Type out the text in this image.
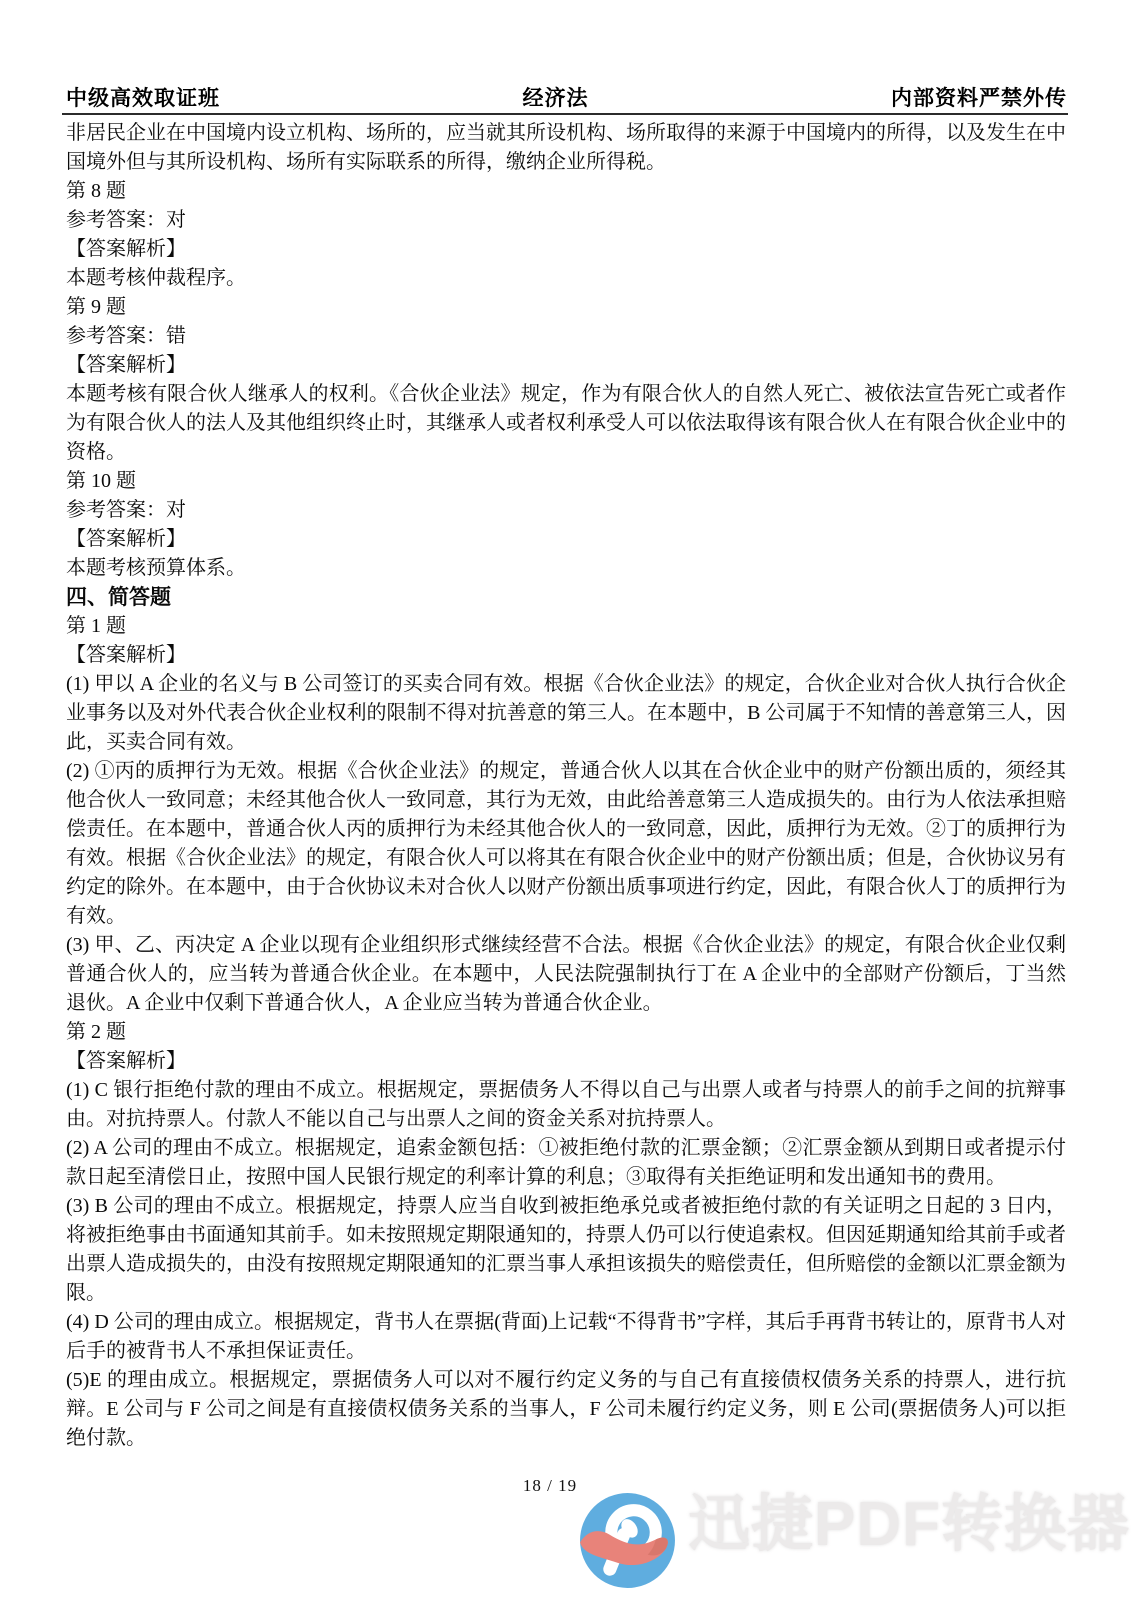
中级高效取证班	经济法	内部资料严禁外传

非居民企业在中国境内设立机构、场所的，应当就其所设机构、场所取得的来源于中国境内的所得，以及发生在中国境外但与其所设机构、场所有实际联系的所得，缴纳企业所得税。

第 8 题

参考答案：对

【答案解析】

本题考核仲裁程序。

第 9 题

参考答案：错

【答案解析】

本题考核有限合伙人继承人的权利。《合伙企业法》规定，作为有限合伙人的自然人死亡、被依法宣告死亡或者作为有限合伙人的法人及其他组织终止时，其继承人或者权利承受人可以依法取得该有限合伙人在有限合伙企业中的资格。

第 10 题

参考答案：对

【答案解析】

本题考核预算体系。

四、简答题

第 1 题

【答案解析】

(1) 甲以 A 企业的名义与 B 公司签订的买卖合同有效。根据《合伙企业法》的规定，合伙企业对合伙人执行合伙企业事务以及对外代表合伙企业权利的限制不得对抗善意的第三人。在本题中，B 公司属于不知情的善意第三人，因此，买卖合同有效。

(2) ①丙的质押行为无效。根据《合伙企业法》的规定，普通合伙人以其在合伙企业中的财产份额出质的，须经其他合伙人一致同意；未经其他合伙人一致同意，其行为无效，由此给善意第三人造成损失的。由行为人依法承担赔偿责任。在本题中，普通合伙人丙的质押行为未经其他合伙人的一致同意，因此，质押行为无效。②丁的质押行为有效。根据《合伙企业法》的规定，有限合伙人可以将其在有限合伙企业中的财产份额出质；但是，合伙协议另有约定的除外。在本题中，由于合伙协议未对合伙人以财产份额出质事项进行约定，因此，有限合伙人丁的质押行为有效。

(3) 甲、乙、丙决定 A 企业以现有企业组织形式继续经营不合法。根据《合伙企业法》的规定，有限合伙企业仅剩普通合伙人的，应当转为普通合伙企业。在本题中，人民法院强制执行丁在 A 企业中的全部财产份额后，丁当然退伙。A 企业中仅剩下普通合伙人，A 企业应当转为普通合伙企业。

第 2 题

【答案解析】

(1) C 银行拒绝付款的理由不成立。根据规定，票据债务人不得以自己与出票人或者与持票人的前手之间的抗辩事由。对抗持票人。付款人不能以自己与出票人之间的资金关系对抗持票人。

(2) A 公司的理由不成立。根据规定，追索金额包括：①被拒绝付款的汇票金额；②汇票金额从到期日或者提示付款日起至清偿日止，按照中国人民银行规定的利率计算的利息；③取得有关拒绝证明和发出通知书的费用。

(3) B 公司的理由不成立。根据规定，持票人应当自收到被拒绝承兑或者被拒绝付款的有关证明之日起的 3 日内，将被拒绝事由书面通知其前手。如未按照规定期限通知的，持票人仍可以行使追索权。但因延期通知给其前手或者出票人造成损失的，由没有按照规定期限通知的汇票当事人承担该损失的赔偿责任，但所赔偿的金额以汇票金额为限。

(4) D 公司的理由成立。根据规定，背书人在票据(背面)上记载“不得背书”字样，其后手再背书转让的，原背书人对后手的被背书人不承担保证责任。

(5)E 的理由成立。根据规定，票据债务人可以对不履行约定义务的与自己有直接债权债务关系的持票人，进行抗辩。E 公司与 F 公司之间是有直接债权债务关系的当事人，F 公司未履行约定义务，则 E 公司(票据债务人)可以拒绝付款。

18 / 19
迅捷PDF转换器
